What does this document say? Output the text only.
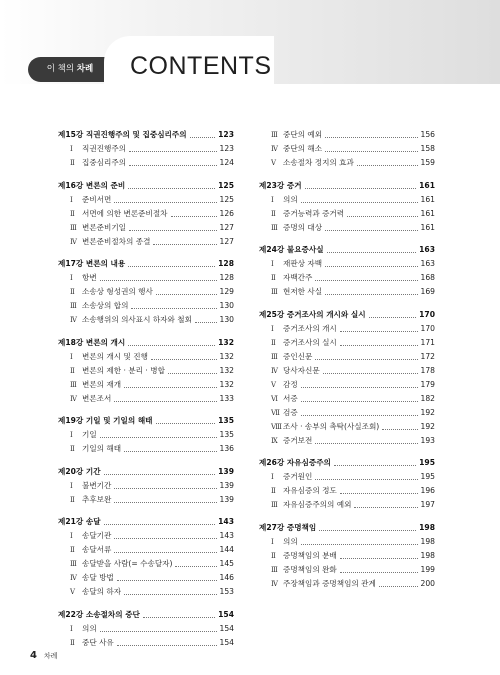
이 책의 차례	CONTENTS
제15강 직권진행주의 및 집중심리주의	123
Ⅰ 직권진행주의	123
Ⅱ 집중심리주의	124
제16강 변론의 준비	125
Ⅰ 준비서면	125
Ⅱ 서면에 의한 변론준비절차	126
Ⅲ 변론준비기일	127
Ⅳ 변론준비절차의 종결	127
제17강 변론의 내용	128
Ⅰ 항변	128
Ⅱ 소송상 형성권의 행사	129
Ⅲ 소송상의 합의	130
Ⅳ 소송행위의 의사표시 하자와 철회	130
제18강 변론의 개시	132
Ⅰ 변론의 개시 및 진행	132
Ⅱ 변론의 제한 · 분리 · 병합	132
Ⅲ 변론의 재개	132
Ⅳ 변론조서	133
제19강 기일 및 기일의 해태	135
Ⅰ 기일	135
Ⅱ 기일의 해태	136
제20강 기간	139
Ⅰ 불변기간	139
Ⅱ 추후보완	139
제21강 송달	143
Ⅰ 송달기관	143
Ⅱ 송달서류	144
Ⅲ 송달받을 사람(= 수송달자)	145
Ⅳ 송달 방법	146
Ⅴ 송달의 하자	153
제22강 소송절차의 중단	154
Ⅰ 의의	154
Ⅱ 중단 사유	154
Ⅲ 중단의 예외	156
Ⅳ 중단의 해소	158
Ⅴ 소송절차 정지의 효과	159
제23강 증거	161
Ⅰ 의의	161
Ⅱ 증거능력과 증거력	161
Ⅲ 증명의 대상	161
제24강 불요증사실	163
Ⅰ 재판상 자백	163
Ⅱ 자백간주	168
Ⅲ 현저한 사실	169
제25강 증거조사의 개시와 실시	170
Ⅰ 증거조사의 개시	170
Ⅱ 증거조사의 실시	171
Ⅲ 증인신문	172
Ⅳ 당사자신문	178
Ⅴ 감정	179
Ⅵ 서증	182
Ⅶ 검증	192
Ⅷ조사 · 송부의 촉탁(사실조회)	192
Ⅸ 증거보전	193
제26강 자유심증주의	195
Ⅰ 증거원인	195
Ⅱ 자유심증의 정도	196
Ⅲ 자유심증주의의 예외	197
제27강 증명책임	198
Ⅰ 의의	198
Ⅱ 증명책임의 분배	198
Ⅲ 증명책임의 완화	199
Ⅳ 주장책임과 증명책임의 관계	200
4 차례
